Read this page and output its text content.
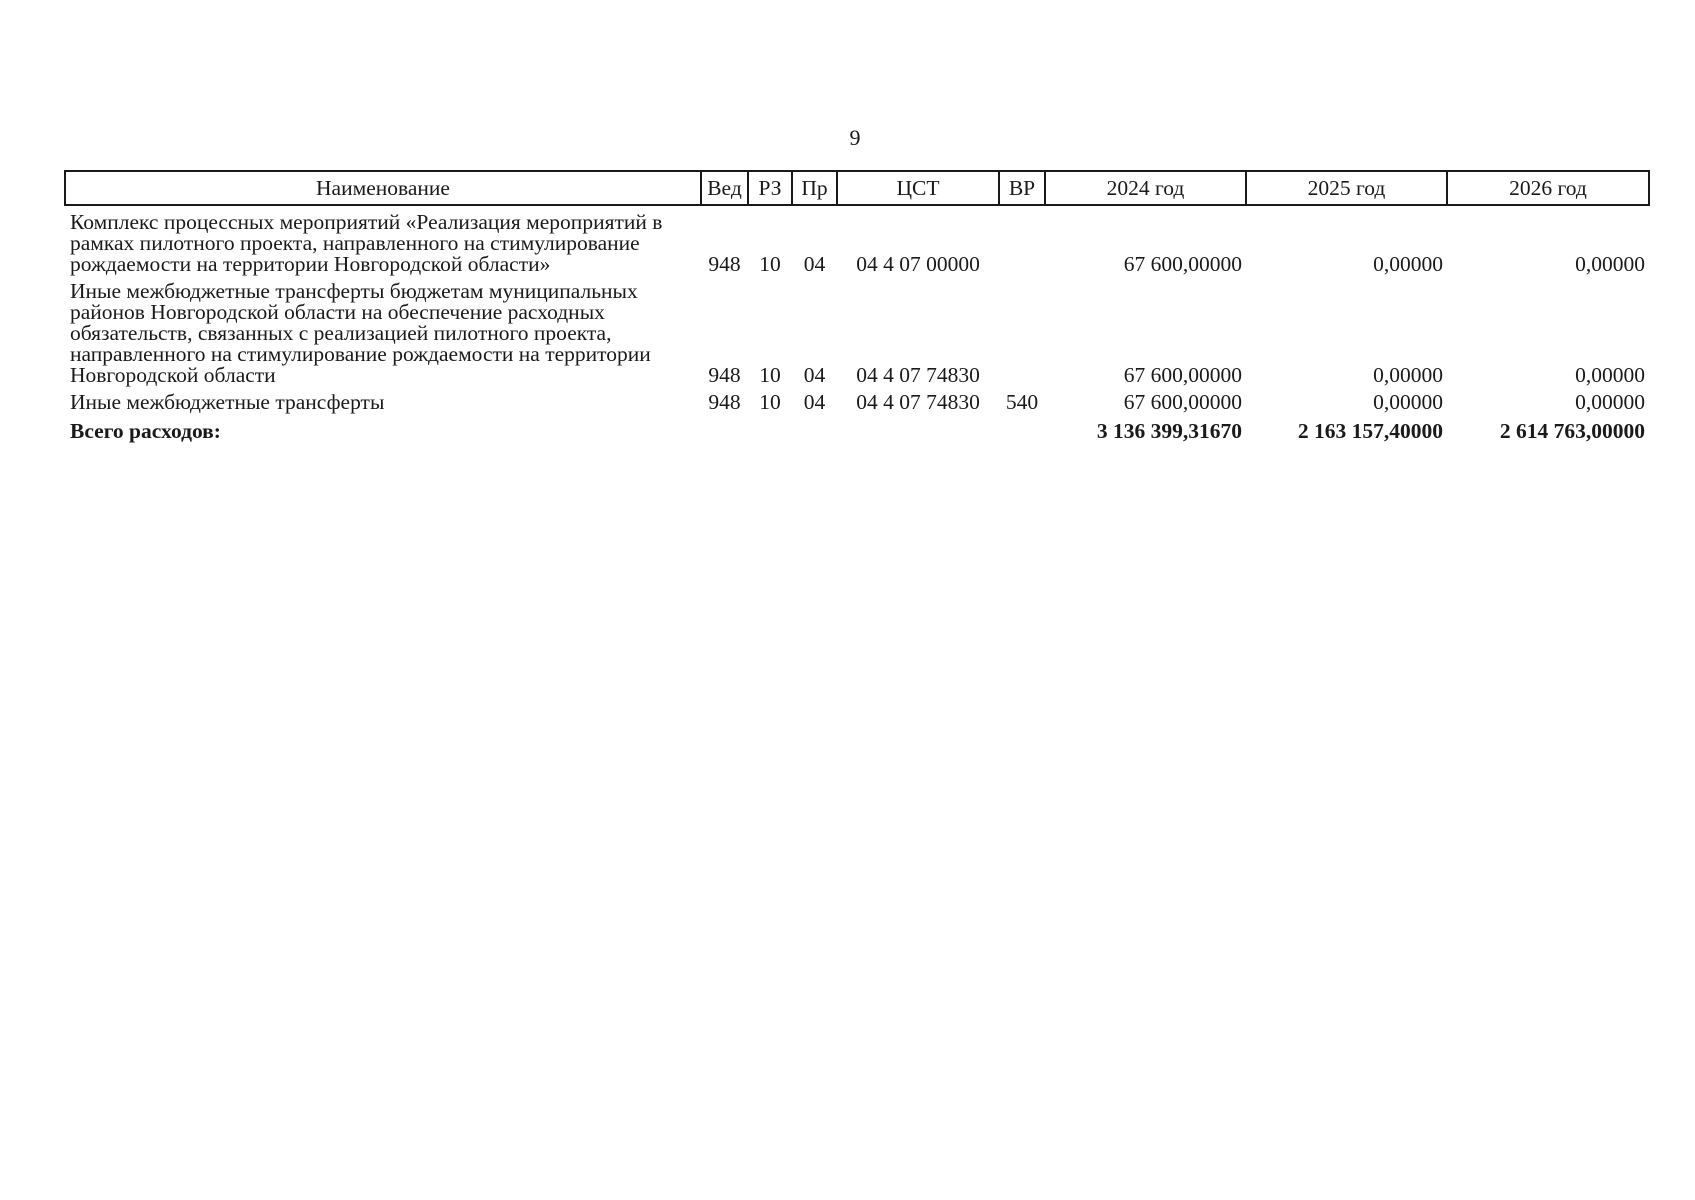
9
Наименование	Вед	РЗ	Пр	ЦСТ	ВР	2024 год	2025 год	2026 год
Комплекс процессных мероприятий «Реализация мероприятий в рамках пилотного проекта, направленного на стимулирование рождаемости на территории Новгородской области»	948	10	04	04 4 07 00000		67 600,00000	0,00000	0,00000
Иные межбюджетные трансферты бюджетам муниципальных районов Новгородской области на обеспечение расходных обязательств, связанных с реализацией пилотного проекта, направленного на стимулирование рождаемости на территории Новгородской области	948	10	04	04 4 07 74830		67 600,00000	0,00000	0,00000
Иные межбюджетные трансферты	948	10	04	04 4 07 74830	540	67 600,00000	0,00000	0,00000
Всего расходов:						3 136 399,31670	2 163 157,40000	2 614 763,00000
